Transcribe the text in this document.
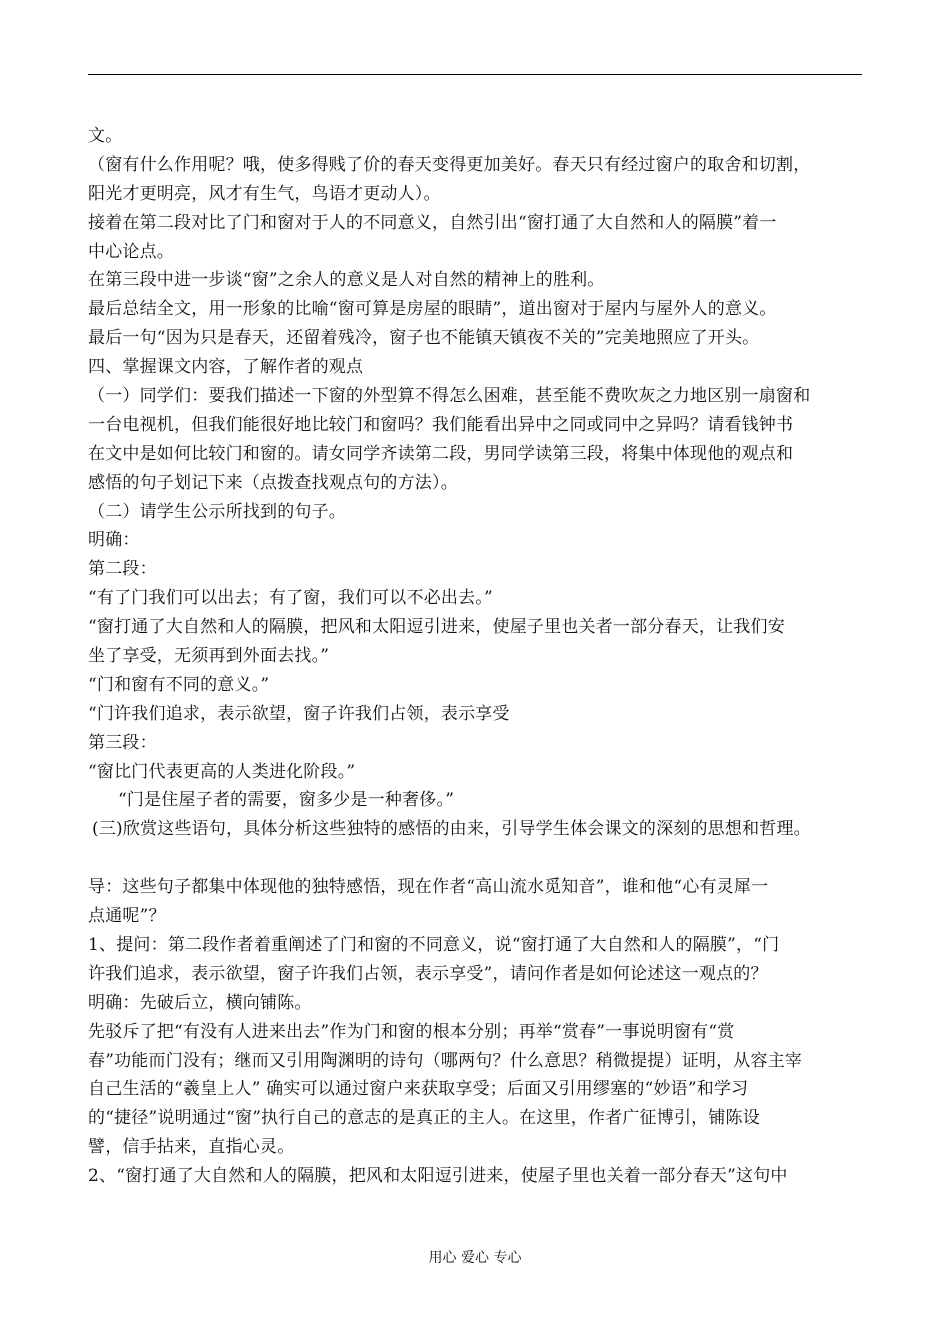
文。
（窗有什么作用呢？哦，使多得贱了价的春天变得更加美好。春天只有经过窗户的取舍和切割，
阳光才更明亮，风才有生气，鸟语才更动人）。
接着在第二段对比了门和窗对于人的不同意义，自然引出“窗打通了大自然和人的隔膜”着一
中心论点。
在第三段中进一步谈“窗”之余人的意义是人对自然的精神上的胜利。
最后总结全文，用一形象的比喻“窗可算是房屋的眼睛”，道出窗对于屋内与屋外人的意义。
最后一句“因为只是春天，还留着残冷，窗子也不能镇天镇夜不关的”完美地照应了开头。
四、掌握课文内容，了解作者的观点
（一）同学们：要我们描述一下窗的外型算不得怎么困难，甚至能不费吹灰之力地区别一扇窗和
一台电视机，但我们能很好地比较门和窗吗？我们能看出异中之同或同中之异吗？请看钱钟书
在文中是如何比较门和窗的。请女同学齐读第二段，男同学读第三段，将集中体现他的观点和
感悟的句子划记下来（点拨查找观点句的方法）。
（二）请学生公示所找到的句子。
明确：
第二段：
“有了门我们可以出去；有了窗，我们可以不必出去。”
“窗打通了大自然和人的隔膜，把风和太阳逗引进来，使屋子里也关者一部分春天，让我们安
坐了享受，无须再到外面去找。”
“门和窗有不同的意义。”
“门许我们追求，表示欲望，窗子许我们占领，表示享受
第三段：
“窗比门代表更高的人类进化阶段。”
“门是住屋子者的需要，窗多少是一种奢侈。”
(三)欣赏这些语句，具体分析这些独特的感悟的由来，引导学生体会课文的深刻的思想和哲理。
导：这些句子都集中体现他的独特感悟，现在作者“高山流水觅知音”，谁和他“心有灵犀一
点通呢”？
1、提问：第二段作者着重阐述了门和窗的不同意义，说“窗打通了大自然和人的隔膜”，“门
许我们追求，表示欲望，窗子许我们占领，表示享受”，请问作者是如何论述这一观点的？
明确：先破后立，横向铺陈。
先驳斥了把“有没有人进来出去”作为门和窗的根本分别；再举“赏春”一事说明窗有“赏
春”功能而门没有；继而又引用陶渊明的诗句（哪两句？什么意思？稍微提提）证明，从容主宰
自己生活的“羲皇上人” 确实可以通过窗户来获取享受；后面又引用缪塞的“妙语”和学习
的“捷径”说明通过“窗”执行自己的意志的是真正的主人。在这里，作者广征博引，铺陈设
譬，信手拈来，直指心灵。
2、“窗打通了大自然和人的隔膜，把风和太阳逗引进来，使屋子里也关着一部分春天”这句中
用心 爱心 专心
